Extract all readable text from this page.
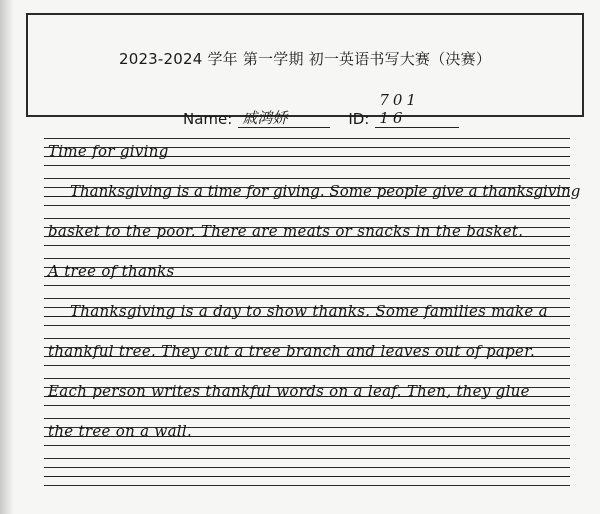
2023-2024 学年 第一学期 初一英语书写大赛（决赛）
Name: 戚鸿娇	ID:
701 16
Time for giving
Thanksgiving is a time for giving. Some people give a thanksgiving
basket to the poor. There are meats or snacks in the basket.
A tree of thanks
Thanksgiving is a day to show thanks. Some families make a
thankful tree. They cut a tree branch and leaves out of paper.
Each person writes thankful words on a leaf. Then, they glue
the tree on a wall.
